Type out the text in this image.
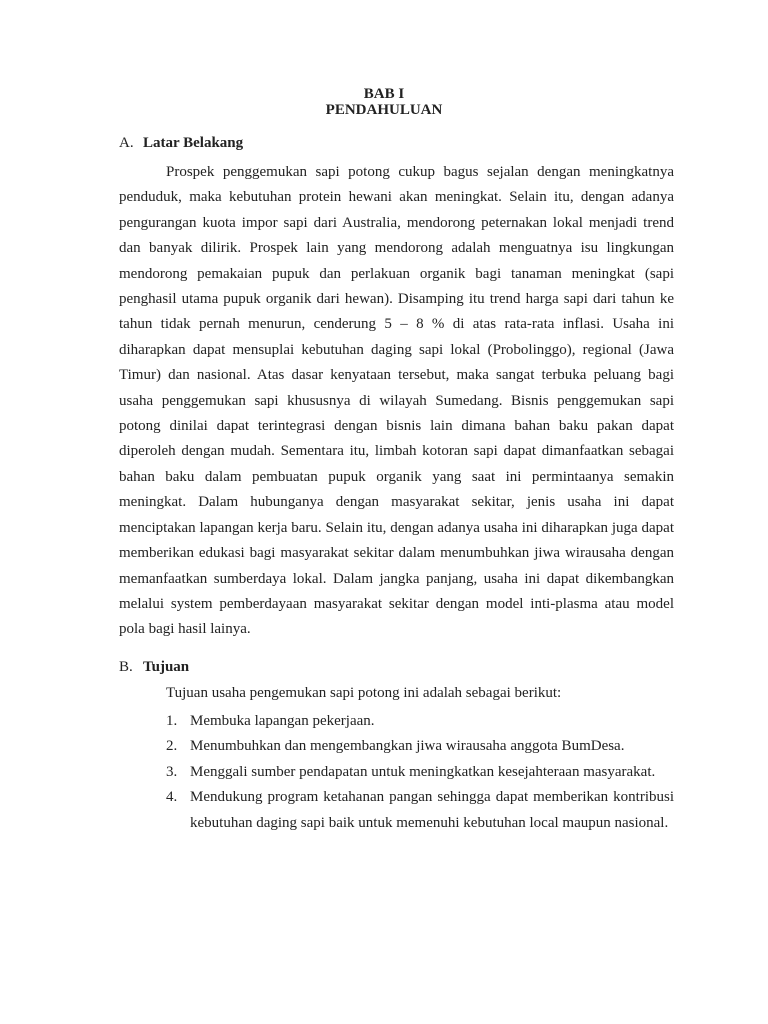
BAB I
PENDAHULUAN
A. Latar Belakang

Prospek penggemukan sapi potong cukup bagus sejalan dengan meningkatnya penduduk, maka kebutuhan protein hewani akan meningkat. Selain itu, dengan adanya pengurangan kuota impor sapi dari Australia, mendorong peternakan lokal menjadi trend dan banyak dilirik. Prospek lain yang mendorong adalah menguatnya isu lingkungan mendorong pemakaian pupuk dan perlakuan organik bagi tanaman meningkat (sapi penghasil utama pupuk organik dari hewan). Disamping itu trend harga sapi dari tahun ke tahun tidak pernah menurun, cenderung 5 – 8 % di atas rata-rata inflasi. Usaha ini diharapkan dapat mensuplai kebutuhan daging sapi lokal (Probolinggo), regional (Jawa Timur) dan nasional. Atas dasar kenyataan tersebut, maka sangat terbuka peluang bagi usaha penggemukan sapi khususnya di wilayah Sumedang. Bisnis penggemukan sapi potong dinilai dapat terintegrasi dengan bisnis lain dimana bahan baku pakan dapat diperoleh dengan mudah. Sementara itu, limbah kotoran sapi dapat dimanfaatkan sebagai bahan baku dalam pembuatan pupuk organik yang saat ini permintaanya semakin meningkat. Dalam hubunganya dengan masyarakat sekitar, jenis usaha ini dapat menciptakan lapangan kerja baru. Selain itu, dengan adanya usaha ini diharapkan juga dapat memberikan edukasi bagi masyarakat sekitar dalam menumbuhkan jiwa wirausaha dengan memanfaatkan sumberdaya lokal. Dalam jangka panjang, usaha ini dapat dikembangkan melalui system pemberdayaan masyarakat sekitar dengan model inti-plasma atau model pola bagi hasil lainya.

B. Tujuan
Tujuan usaha pengemukan sapi potong ini adalah sebagai berikut:
1. Membuka lapangan pekerjaan.
2. Menumbuhkan dan mengembangkan jiwa wirausaha anggota BumDesa.
3. Menggali sumber pendapatan untuk meningkatkan kesejahteraan masyarakat.
4. Mendukung program ketahanan pangan sehingga dapat memberikan kontribusi kebutuhan daging sapi baik untuk memenuhi kebutuhan local maupun nasional.
